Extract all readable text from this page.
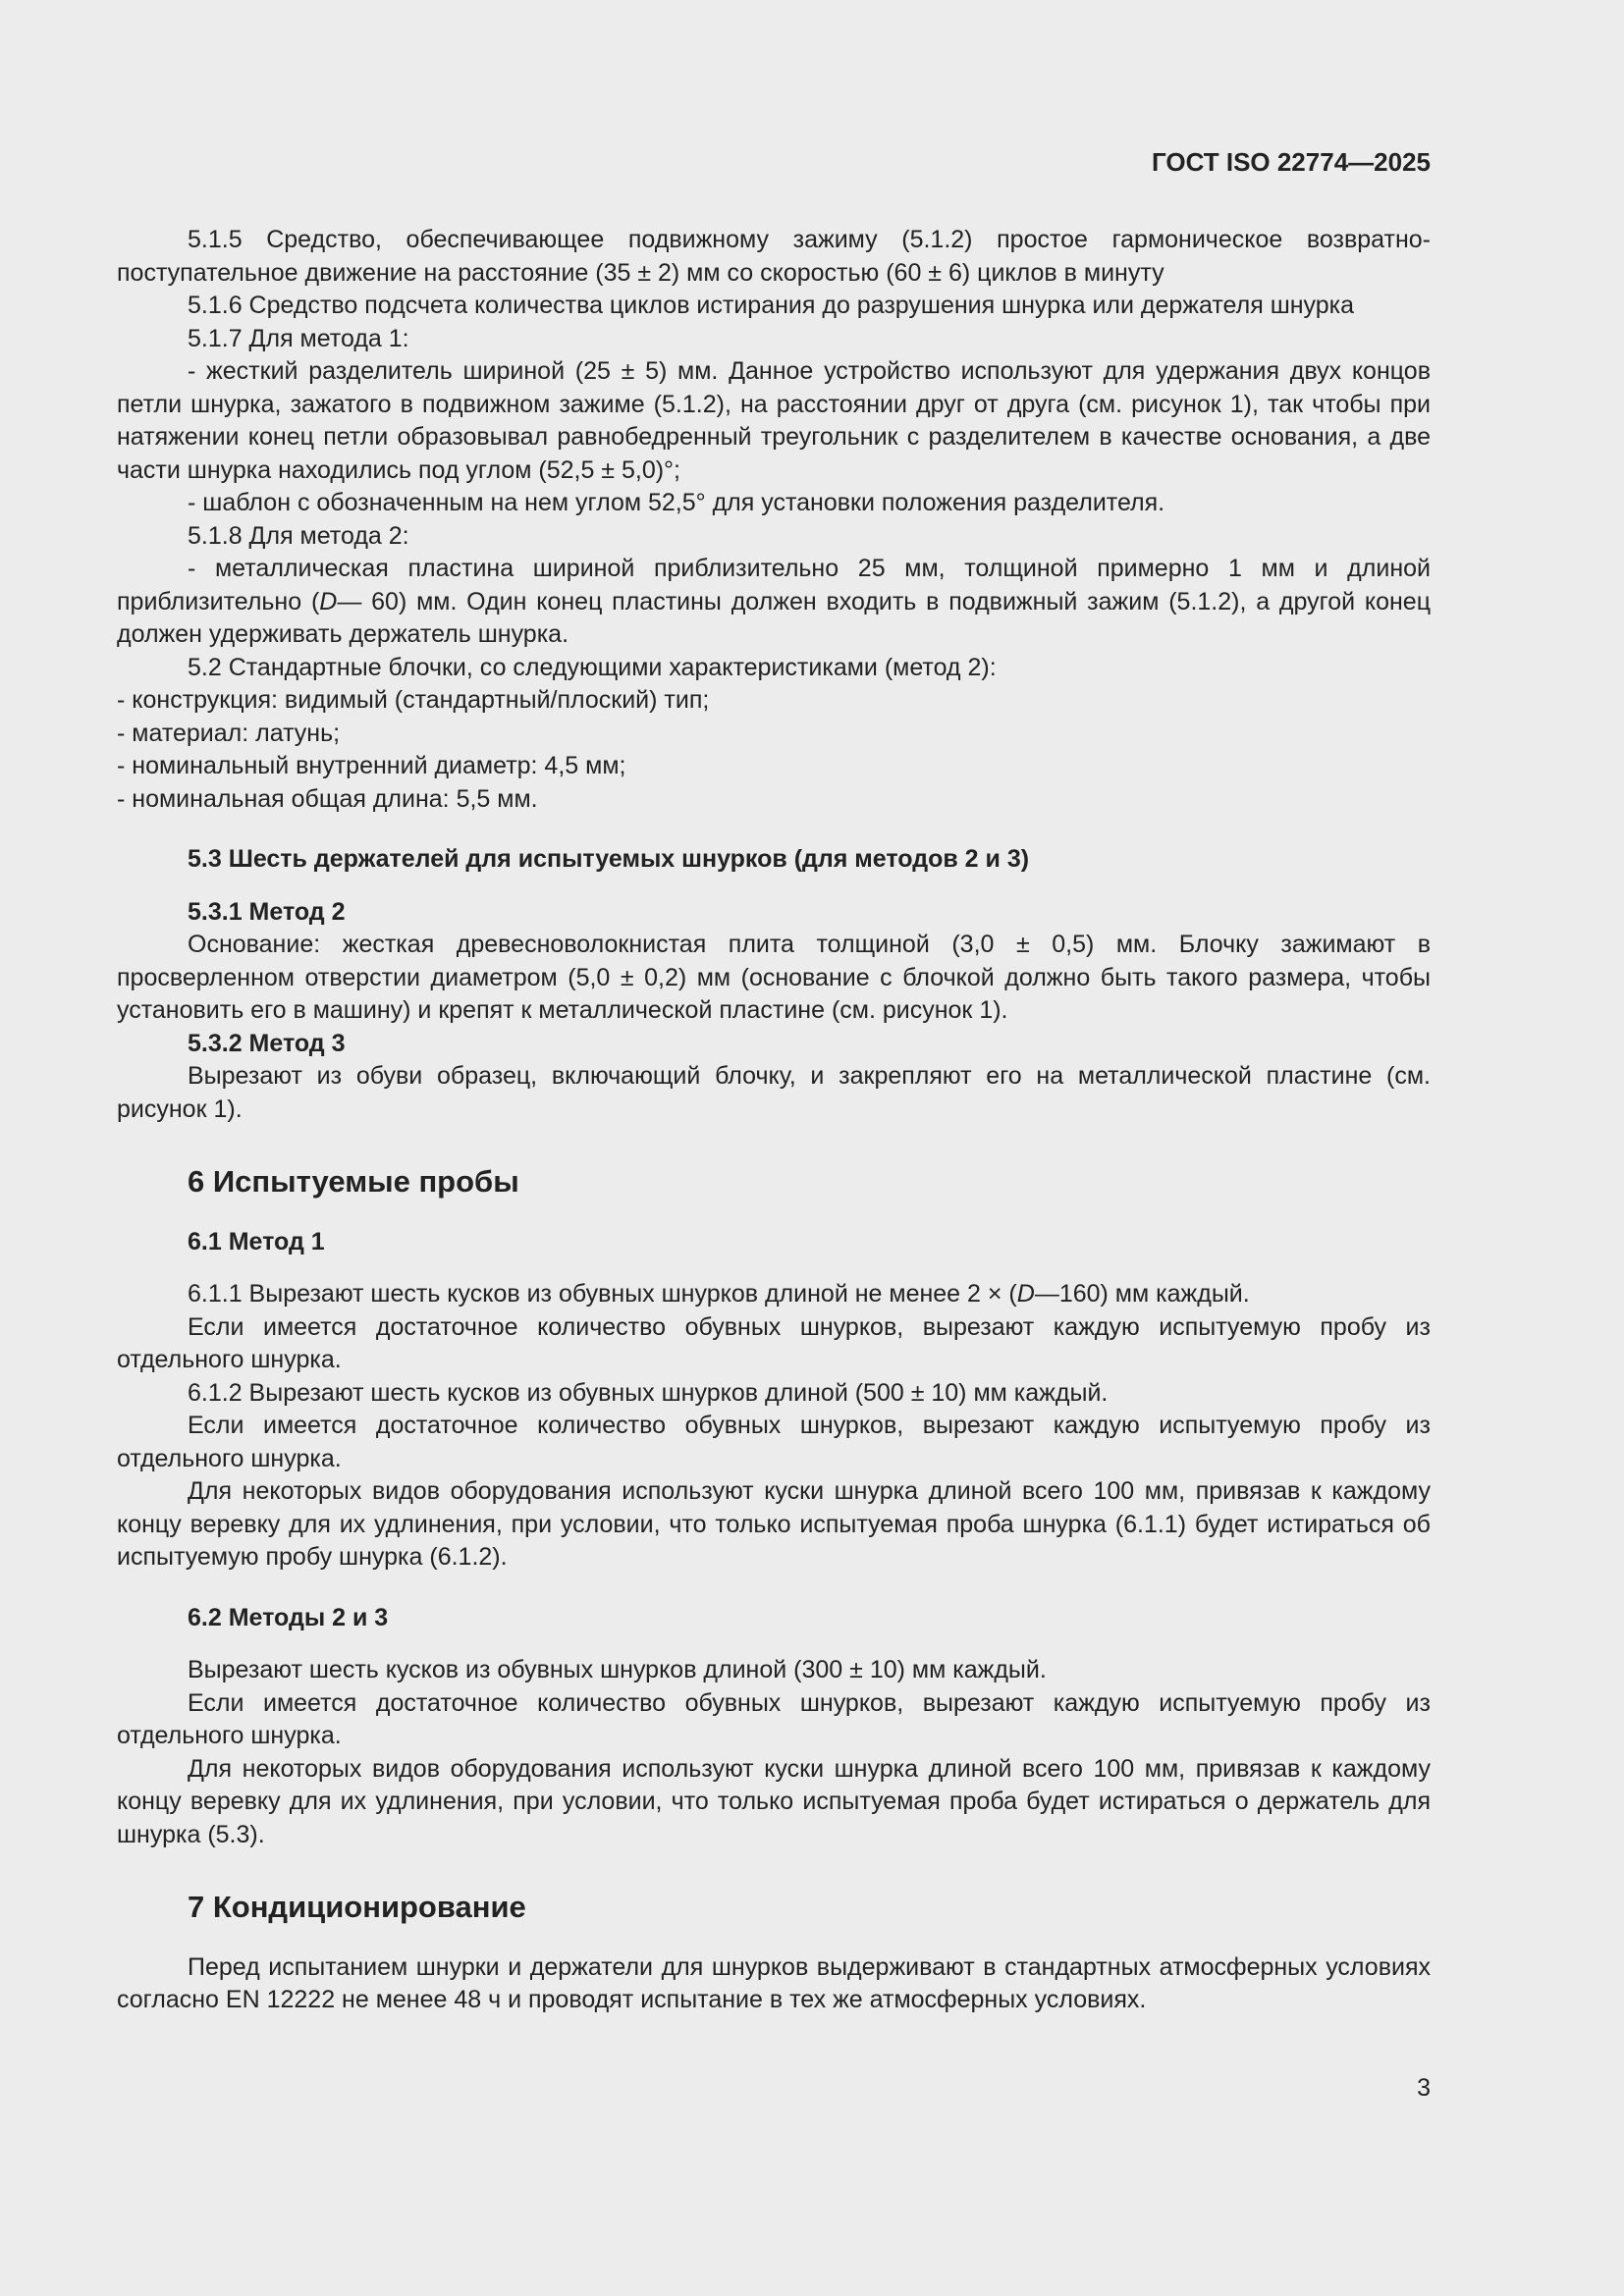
ГОСТ ISO 22774—2025

5.1.5 Средство, обеспечивающее подвижному зажиму (5.1.2) простое гармоническое возвратно-поступательное движение на расстояние (35 ± 2) мм со скоростью (60 ± 6) циклов в минуту

5.1.6 Средство подсчета количества циклов истирания до разрушения шнурка или держателя шнурка

5.1.7 Для метода 1:

- жесткий разделитель шириной (25 ± 5) мм. Данное устройство используют для удержания двух концов петли шнурка, зажатого в подвижном зажиме (5.1.2), на расстоянии друг от друга (см. рисунок 1), так чтобы при натяжении конец петли образовывал равнобедренный треугольник с разделителем в качестве основания, а две части шнурка находились под углом (52,5 ± 5,0)°;

- шаблон с обозначенным на нем углом 52,5° для установки положения разделителя.

5.1.8 Для метода 2:

- металлическая пластина шириной приблизительно 25 мм, толщиной примерно 1 мм и длиной приблизительно (D— 60) мм. Один конец пластины должен входить в подвижный зажим (5.1.2), а другой конец должен удерживать держатель шнурка.

5.2 Стандартные блочки, со следующими характеристиками (метод 2):

- конструкция: видимый (стандартный/плоский) тип;

- материал: латунь;

- номинальный внутренний диаметр: 4,5 мм;

- номинальная общая длина: 5,5 мм.

5.3 Шесть держателей для испытуемых шнурков (для методов 2 и 3)

5.3.1 Метод 2

Основание: жесткая древесноволокнистая плита толщиной (3,0 ± 0,5) мм. Блочку зажимают в просверленном отверстии диаметром (5,0 ± 0,2) мм (основание с блочкой должно быть такого размера, чтобы установить его в машину) и крепят к металлической пластине (см. рисунок 1).

5.3.2 Метод 3

Вырезают из обуви образец, включающий блочку, и закрепляют его на металлической пластине (см. рисунок 1).

6 Испытуемые пробы

6.1 Метод 1

6.1.1 Вырезают шесть кусков из обувных шнурков длиной не менее 2 × (D—160) мм каждый.

Если имеется достаточное количество обувных шнурков, вырезают каждую испытуемую пробу из отдельного шнурка.

6.1.2 Вырезают шесть кусков из обувных шнурков длиной (500 ± 10) мм каждый.

Если имеется достаточное количество обувных шнурков, вырезают каждую испытуемую пробу из отдельного шнурка.

Для некоторых видов оборудования используют куски шнурка длиной всего 100 мм, привязав к каждому концу веревку для их удлинения, при условии, что только испытуемая проба шнурка (6.1.1) будет истираться об испытуемую пробу шнурка (6.1.2).

6.2 Методы 2 и 3

Вырезают шесть кусков из обувных шнурков длиной (300 ± 10) мм каждый.

Если имеется достаточное количество обувных шнурков, вырезают каждую испытуемую пробу из отдельного шнурка.

Для некоторых видов оборудования используют куски шнурка длиной всего 100 мм, привязав к каждому концу веревку для их удлинения, при условии, что только испытуемая проба будет истираться о держатель для шнурка (5.3).

7 Кондиционирование

Перед испытанием шнурки и держатели для шнурков выдерживают в стандартных атмосферных условиях согласно EN 12222 не менее 48 ч и проводят испытание в тех же атмосферных условиях.

3
